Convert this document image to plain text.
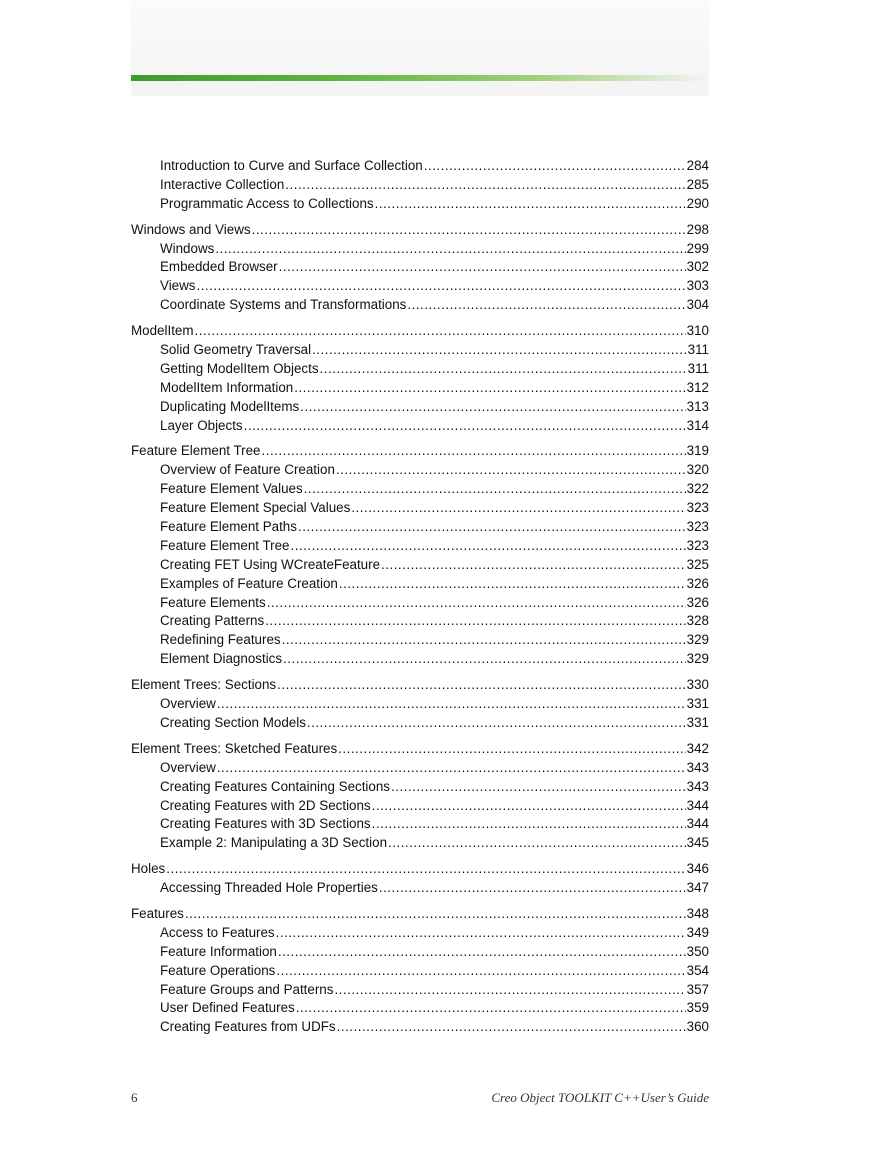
Introduction to Curve and Surface Collection .....	284
Interactive Collection .....	285
Programmatic Access to Collections .....	290
Windows and Views .....	298
Windows .....	299
Embedded Browser .....	302
Views .....	303
Coordinate Systems and Transformations .....	304
ModelItem .....	310
Solid Geometry Traversal .....	311
Getting ModelItem Objects .....	311
ModelItem Information .....	312
Duplicating ModelItems .....	313
Layer Objects .....	314
Feature Element Tree .....	319
Overview of Feature Creation .....	320
Feature Element Values .....	322
Feature Element Special Values .....	323
Feature Element Paths .....	323
Feature Element Tree .....	323
Creating FET Using WCreateFeature .....	325
Examples of Feature Creation .....	326
Feature Elements .....	326
Creating Patterns .....	328
Redefining Features .....	329
Element Diagnostics .....	329
Element Trees: Sections .....	330
Overview .....	331
Creating Section Models .....	331
Element Trees: Sketched Features .....	342
Overview .....	343
Creating Features Containing Sections .....	343
Creating Features with 2D Sections .....	344
Creating Features with 3D Sections .....	344
Example 2: Manipulating a 3D Section .....	345
Holes .....	346
Accessing Threaded Hole Properties .....	347
Features .....	348
Access to Features .....	349
Feature Information .....	350
Feature Operations .....	354
Feature Groups and Patterns .....	357
User Defined Features .....	359
Creating Features from UDFs .....	360
6	Creo Object TOOLKIT C++User’s Guide
